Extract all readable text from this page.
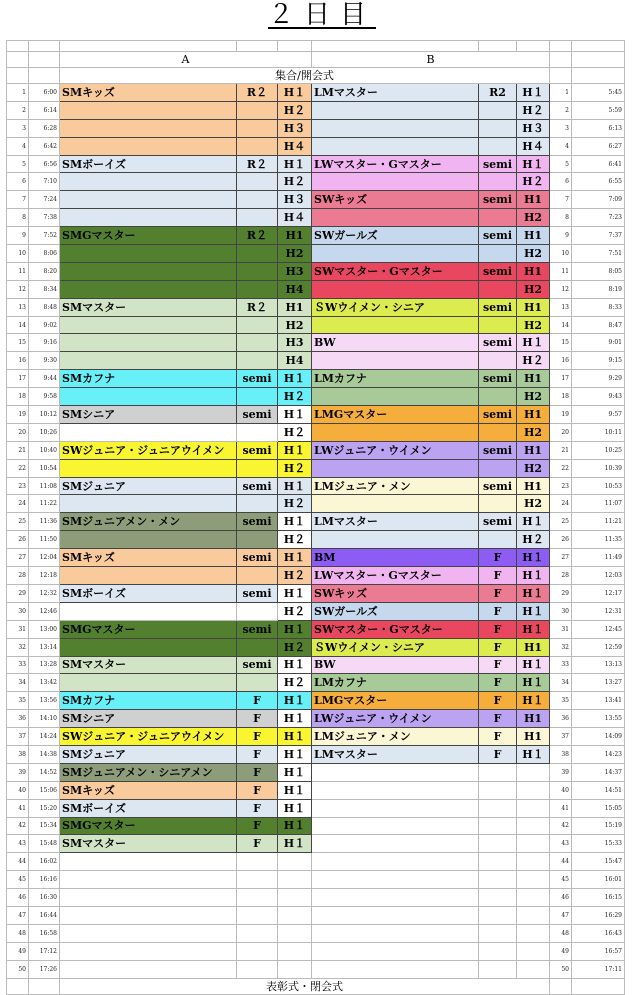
２日目

		A			B				
		集合/開会式							
1	6:00	SMキッズ	R２	H１	LMマスター	R2	H１	1	5:45
2	6:14			H２			H２	2	5:59
3	6:28			H３			H３	3	6:13
4	6:42			H４			H４	4	6:27
5	6:56	SMボーイズ	R２	H１	LWマスター・Gマスター	semi	H１	5	6:41
6	7:10			H２			H２	6	6:55
7	7:24			H３	SWキッズ	semi	H1	7	7:09
8	7:38			H４			H2	8	7:23
9	7:52	SMGマスター	R２	H1	SWガールズ	semi	H1	9	7:37
10	8:06			H2			H2	10	7:51
11	8:20			H3	SWマスター・Gマスター	semi	H1	11	8:05
12	8:34			H4			H2	12	8:19
13	8:48	SMマスター	R２	H1	ＳWウイメン・シニア	semi	H1	13	8:33
14	9:02			H2			H2	14	8:47
15	9:16			H3	BW	semi	H１	15	9:01
16	9:30			H4			H２	16	9:15
17	9:44	SMカフナ	semi	H１	LMカフナ	semi	H1	17	9:29
18	9:58			H２			H2	18	9:43
19	10:12	SMシニア	semi	H１	LMGマスター	semi	H1	19	9:57
20	10:26			H２			H2	20	10:11
21	10:40	SWジュニア・ジュニアウイメン	semi	H１	LWジュニア・ウイメン	semi	H1	21	10:25
22	10:54			H２			H2	22	10:39
23	11:08	SMジュニア	semi	H１	LMジュニア・メン	semi	H1	23	10:53
24	11:22			H２			H2	24	11:07
25	11:36	SMジュニアメン・メン	semi	H１	LMマスター	semi	H１	25	11:21
26	11:50			H２			H２	26	11:35
27	12:04	SMキッズ	semi	H１	BM	F	H１	27	11:49
28	12:18			H２	LWマスター・Gマスター	F	H１	28	12:03
29	12:32	SMボーイズ	semi	H１	SWキッズ	F	H１	29	12:17
30	12:46			H２	SWガールズ	F	H１	30	12:31
31	13:00	SMGマスター	semi	H１	SWマスター・Gマスター	F	H１	31	12:45
32	13:14			H２	ＳWウイメン・シニア	F	H1	32	12:59
33	13:28	SMマスター	semi	H１	BW	F	H１	33	13:13
34	13:42			H２	LMカフナ	F	H１	34	13:27
35	13:56	SMカフナ	F	H１	LMGマスター	F	H１	35	13:41
36	14:10	SMシニア	F	H１	LWジュニア・ウイメン	F	H1	36	13:55
37	14:24	SWジュニア・ジュニアウイメン	F	H１	LMジュニア・メン	F	H1	37	14:09
38	14:38	SMジュニア	F	H１	LMマスター	F	H１	38	14:23
39	14:52	SMジュニアメン・シニアメン	F	H１				39	14:37
40	15:06	SMキッズ	F	H１				40	14:51
41	15:20	SMボーイズ	F	H１				41	15:05
42	15:34	SMGマスター	F	H１				42	15:19
43	15:48	SMマスター	F	H１				43	15:33
44	16:02							44	15:47
45	16:16							45	16:01
46	16:30							46	16:15
47	16:44							47	16:29
48	16:58							48	16:43
49	17:12							49	16:57
50	17:26							50	17:11
		表彰式・閉会式							
